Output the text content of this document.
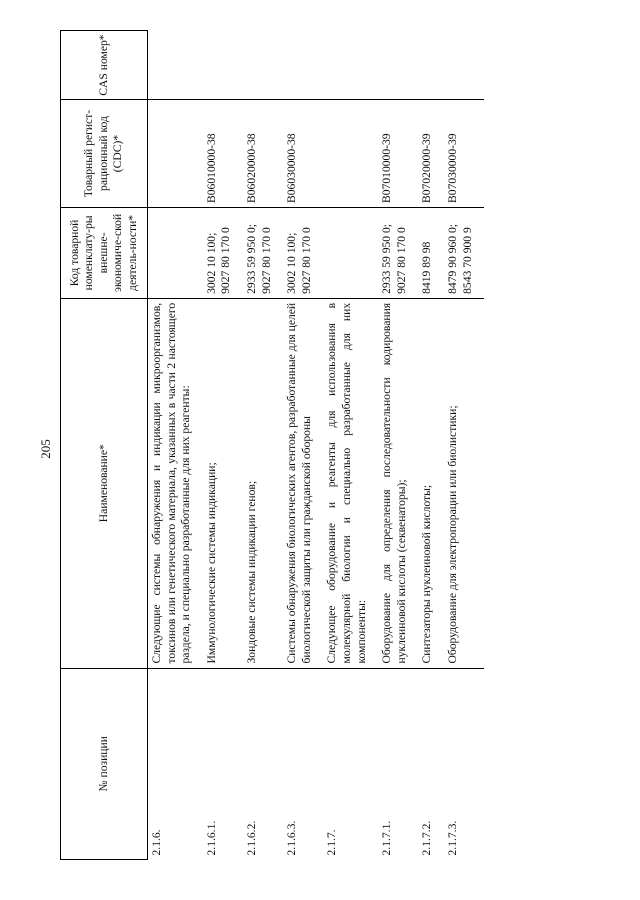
205
№ позиции	Наименование*	Код товарной номенклату-ры внешне-экономиче-ской деятель-ности*	Товарный регист-рационный код (CDC)*	CAS номер*
2.1.6.	Следующие системы обнаружения и индикации микроорганизмов, токсинов или генетического материала, указанных в части 2 настоящего раздела, и специально разработанные для них реагенты:	

2.1.6.1.	Иммунологические системы индикации;	3002 10 100; 9027 80 170 0	B06010000-38	
2.1.6.2.	Зондовые системы индикации генов;	2933 59 950 0; 9027 80 170 0	B06020000-38	
2.1.6.3.	Системы обнаружения биологических агентов, разработанные для целей биологической защиты или гражданской обороны	3002 10 100; 9027 80 170 0	B06030000-38	
2.1.7.	Следующее оборудование и реагенты для использования в молекулярной биологии и специально разработанные для них компоненты:	

2.1.7.1.	Оборудование для определения последовательности кодирования нуклеиновой кислоты (секвенаторы);	2933 59 950 0; 9027 80 170 0	B07010000-39	
2.1.7.2.	Синтезаторы нуклеиновой кислоты;	8419 89 98	B07020000-39	
2.1.7.3.	Оборудование для электропорации или биолистики;	8479 90 960 0; 8543 70 900 9	B07030000-39	
